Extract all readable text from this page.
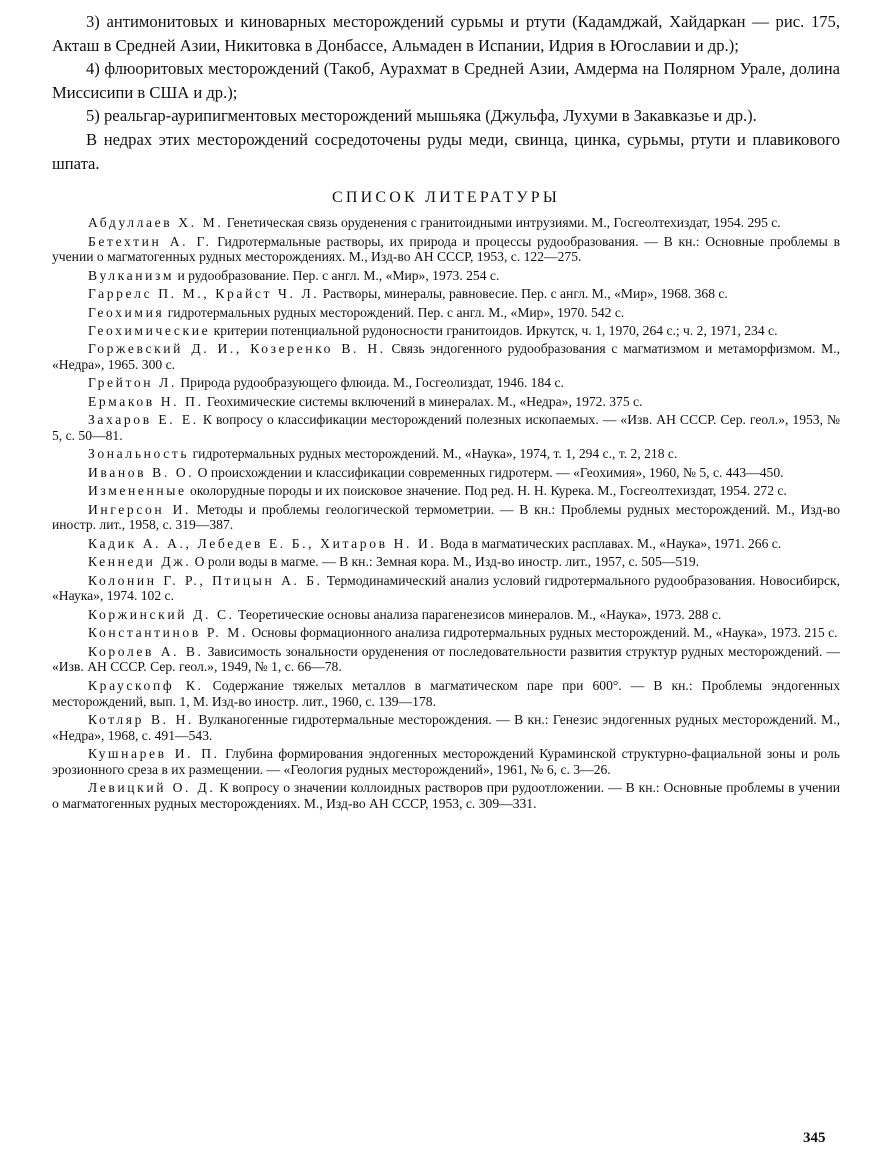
3) антимонитовых и киноварных месторождений сурьмы и ртути (Кадамджай, Хайдаркан — рис. 175, Акташ в Средней Азии, Никитовка в Донбассе, Альмаден в Испании, Идрия в Югославии и др.);

4) флюоритовых месторождений (Такоб, Аурахмат в Средней Азии, Амдерма на Полярном Урале, долина Миссисипи в США и др.);

5) реальгар-аурипигментовых месторождений мышьяка (Джульфа, Лухуми в Закавказье и др.).

В недрах этих месторождений сосредоточены руды меди, свинца, цинка, сурьмы, ртути и плавикового шпата.

СПИСОК ЛИТЕРАТУРЫ

Абдуллаев Х. М. Генетическая связь оруденения с гранитоидными интрузиями. М., Госгеолтехиздат, 1954. 295 с.

Бетехтин А. Г. Гидротермальные растворы, их природа и процессы рудообразования. — В кн.: Основные проблемы в учении о магматогенных рудных месторождениях. М., Изд-во АН СССР, 1953, с. 122—275.

Вулканизм и рудообразование. Пер. с англ. М., «Мир», 1973. 254 с.

Гаррелс П. М., Крайст Ч. Л. Растворы, минералы, равновесие. Пер. с англ. М., «Мир», 1968. 368 с.

Геохимия гидротермальных рудных месторождений. Пер. с англ. М., «Мир», 1970. 542 с.

Геохимические критерии потенциальной рудоносности гранитоидов. Иркутск, ч. 1, 1970, 264 с.; ч. 2, 1971, 234 с.

Горжевский Д. И., Козеренко В. Н. Связь эндогенного рудообразования с магматизмом и метаморфизмом. М., «Недра», 1965. 300 с.

Грейтон Л. Природа рудообразующего флюида. М., Госгеолиздат, 1946. 184 с.

Ермаков Н. П. Геохимические системы включений в минералах. М., «Недра», 1972. 375 с.

Захаров Е. Е. К вопросу о классификации месторождений полезных ископаемых. — «Изв. АН СССР. Сер. геол.», 1953, № 5, с. 50—81.

Зональность гидротермальных рудных месторождений. М., «Наука», 1974, т. 1, 294 с., т. 2, 218 с.

Иванов В. О. О происхождении и классификации современных гидротерм. — «Геохимия», 1960, № 5, с. 443—450.

Измененные околорудные породы и их поисковое значение. Под ред. Н. Н. Курека. М., Госгеолтехиздат, 1954. 272 с.

Ингерсон И. Методы и проблемы геологической термометрии. — В кн.: Проблемы рудных месторождений. М., Изд-во иностр. лит., 1958, с. 319—387.

Кадик А. А., Лебедев Е. Б., Хитаров Н. И. Вода в магматических расплавах. М., «Наука», 1971. 266 с.

Кеннеди Дж. О роли воды в магме. — В кн.: Земная кора. М., Изд-во иностр. лит., 1957, с. 505—519.

Колонин Г. Р., Птицын А. Б. Термодинамический анализ условий гидротермального рудообразования. Новосибирск, «Наука», 1974. 102 с.

Коржинский Д. С. Теоретические основы анализа парагенезисов минералов. М., «Наука», 1973. 288 с.

Константинов Р. М. Основы формационного анализа гидротермальных рудных месторождений. М., «Наука», 1973. 215 с.

Королев А. В. Зависимость зональности оруденения от последовательности развития структур рудных месторождений. — «Изв. АН СССР. Сер. геол.», 1949, № 1, с. 66—78.

Краускопф К. Содержание тяжелых металлов в магматическом паре при 600°. — В кн.: Проблемы эндогенных месторождений, вып. 1, М. Изд-во иностр. лит., 1960, с. 139—178.

Котляр В. Н. Вулканогенные гидротермальные месторождения. — В кн.: Генезис эндогенных рудных месторождений. М., «Недра», 1968, с. 491—543.

Кушнарев И. П. Глубина формирования эндогенных месторождений Кураминской структурно-фациальной зоны и роль эрозионного среза в их размещении. — «Геология рудных месторождений», 1961, № 6, с. 3—26.

Левицкий О. Д. К вопросу о значении коллоидных растворов при рудоотложении. — В кн.: Основные проблемы в учении о магматогенных рудных месторождениях. М., Изд-во АН СССР, 1953, с. 309—331.

345
